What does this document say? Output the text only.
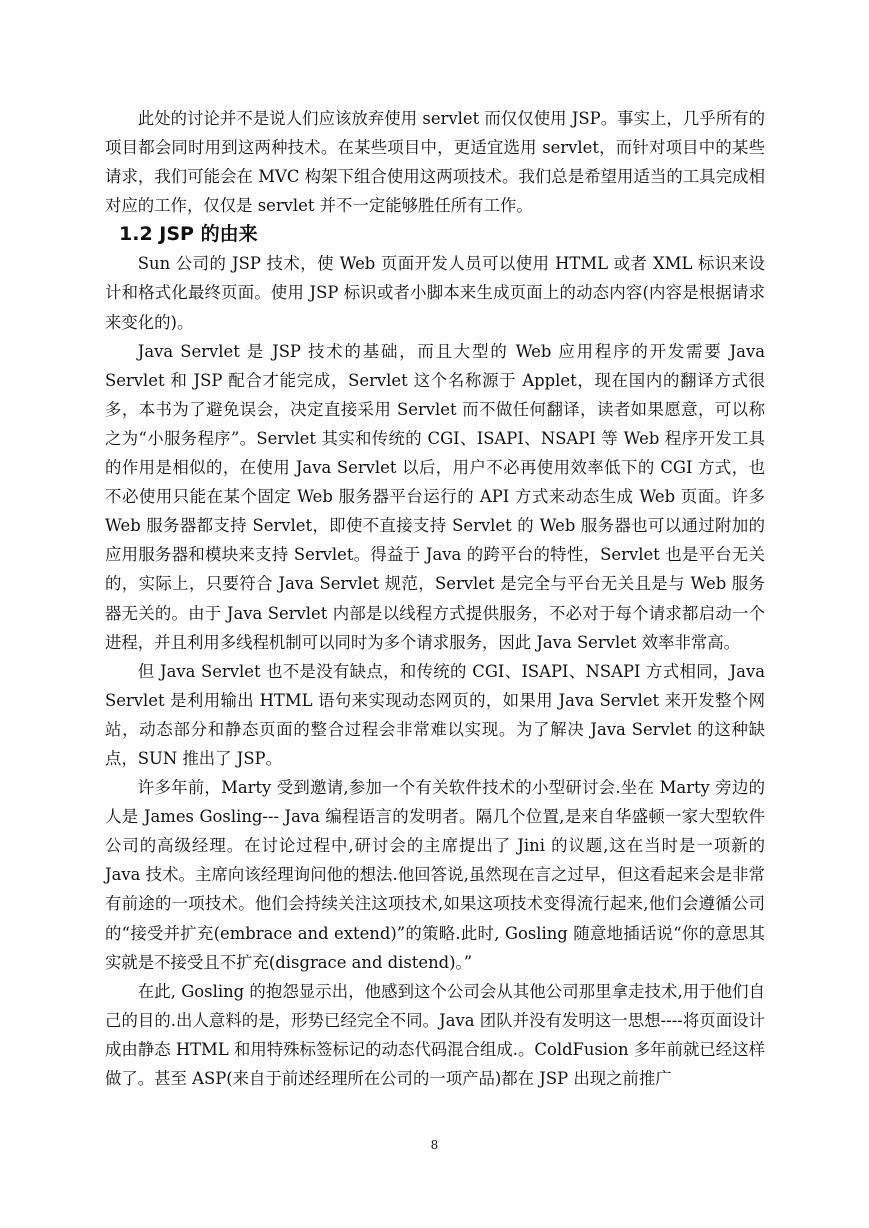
此处的讨论并不是说人们应该放弃使用 servlet 而仅仅使用 JSP。事实上，几乎所有的项目都会同时用到这两种技术。在某些项目中，更适宜选用 servlet，而针对项目中的某些请求，我们可能会在 MVC 构架下组合使用这两项技术。我们总是希望用适当的工具完成相对应的工作，仅仅是 servlet 并不一定能够胜任所有工作。

1.2 JSP 的由来

Sun 公司的 JSP 技术，使 Web 页面开发人员可以使用 HTML 或者 XML 标识来设计和格式化最终页面。使用 JSP 标识或者小脚本来生成页面上的动态内容(内容是根据请求来变化的)。

Java Servlet 是 JSP 技术的基础，而且大型的 Web 应用程序的开发需要 Java Servlet 和 JSP 配合才能完成，Servlet 这个名称源于 Applet，现在国内的翻译方式很多，本书为了避免误会，决定直接采用 Servlet 而不做任何翻译，读者如果愿意，可以称之为“小服务程序”。Servlet 其实和传统的 CGI、ISAPI、NSAPI 等 Web 程序开发工具的作用是相似的，在使用 Java Servlet 以后，用户不必再使用效率低下的 CGI 方式，也不必使用只能在某个固定 Web 服务器平台运行的 API 方式来动态生成 Web 页面。许多 Web 服务器都支持 Servlet，即使不直接支持 Servlet 的 Web 服务器也可以通过附加的应用服务器和模块来支持 Servlet。得益于 Java 的跨平台的特性，Servlet 也是平台无关的，实际上，只要符合 Java Servlet 规范，Servlet 是完全与平台无关且是与 Web 服务器无关的。由于 Java Servlet 内部是以线程方式提供服务，不必对于每个请求都启动一个进程，并且利用多线程机制可以同时为多个请求服务，因此 Java Servlet 效率非常高。

但 Java Servlet 也不是没有缺点，和传统的 CGI、ISAPI、NSAPI 方式相同，Java Servlet 是利用输出 HTML 语句来实现动态网页的，如果用 Java Servlet 来开发整个网站，动态部分和静态页面的整合过程会非常难以实现。为了解决 Java Servlet 的这种缺点，SUN 推出了 JSP。

许多年前，Marty 受到邀请,参加一个有关软件技术的小型研讨会.坐在 Marty 旁边的人是 James Gosling--- Java 编程语言的发明者。隔几个位置,是来自华盛顿一家大型软件公司的高级经理。在讨论过程中,研讨会的主席提出了 Jini 的议题,这在当时是一项新的 Java 技术。主席向该经理询问他的想法.他回答说,虽然现在言之过早，但这看起来会是非常有前途的一项技术。他们会持续关注这项技术,如果这项技术变得流行起来,他们会遵循公司的“接受并扩充(embrace and extend)”的策略.此时, Gosling 随意地插话说“你的意思其实就是不接受且不扩充(disgrace and distend)。”

在此, Gosling 的抱怨显示出，他感到这个公司会从其他公司那里拿走技术,用于他们自己的目的.出人意料的是，形势已经完全不同。Java 团队并没有发明这一思想----将页面设计成由静态 HTML 和用特殊标签标记的动态代码混合组成.。ColdFusion 多年前就已经这样做了。甚至 ASP(来自于前述经理所在公司的一项产品)都在 JSP 出现之前推广

8
